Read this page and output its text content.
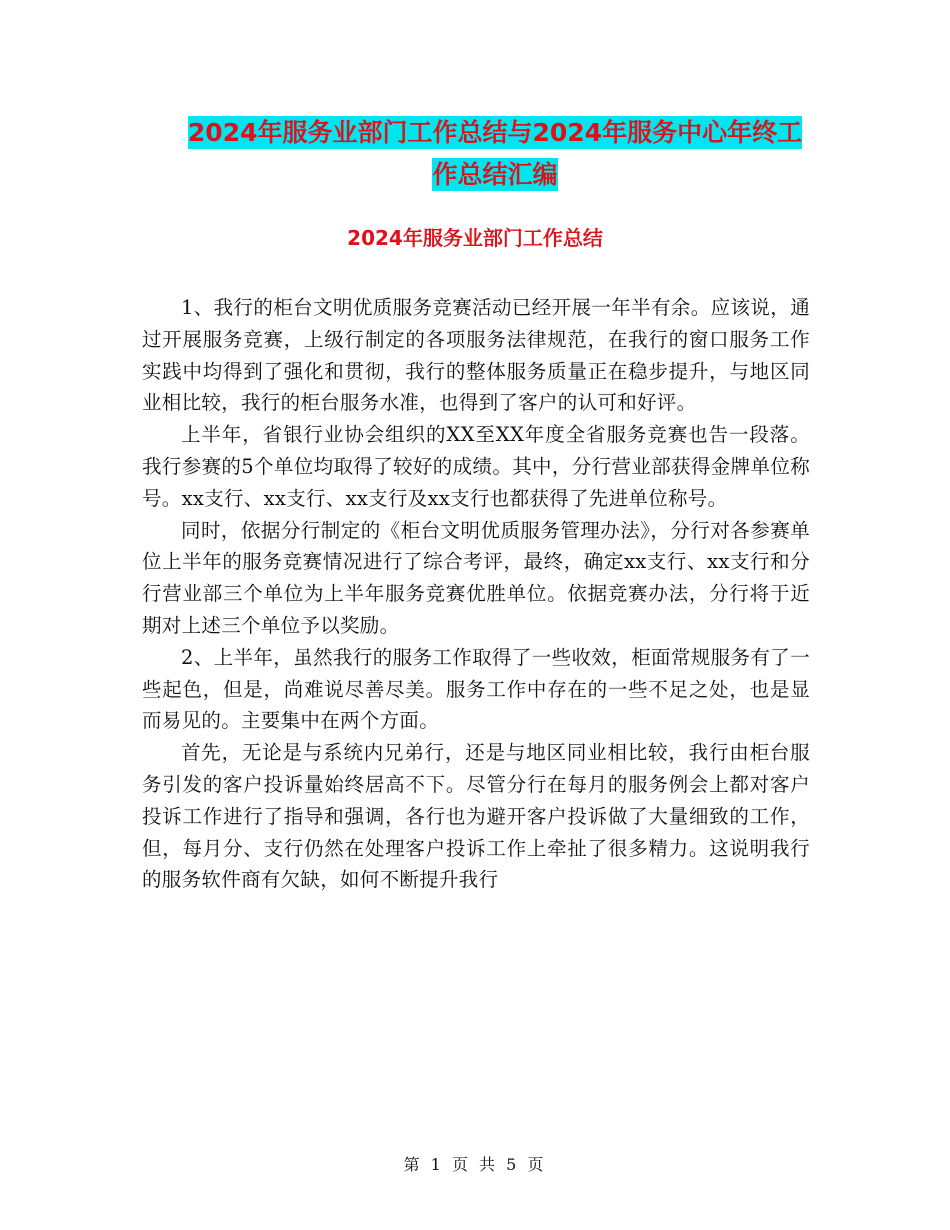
2024年服务业部门工作总结与2024年服务中心年终工
作总结汇编
2024年服务业部门工作总结

1、我行的柜台文明优质服务竞赛活动已经开展一年半有余。应该说，通过开展服务竞赛，上级行制定的各项服务法律规范，在我行的窗口服务工作实践中均得到了强化和贯彻，我行的整体服务质量正在稳步提升，与地区同业相比较，我行的柜台服务水准，也得到了客户的认可和好评。

上半年，省银行业协会组织的XX至XX年度全省服务竞赛也告一段落。我行参赛的5个单位均取得了较好的成绩。其中，分行营业部获得金牌单位称号。xx支行、xx支行、xx支行及xx支行也都获得了先进单位称号。

同时，依据分行制定的《柜台文明优质服务管理办法》，分行对各参赛单位上半年的服务竞赛情况进行了综合考评，最终，确定xx支行、xx支行和分行营业部三个单位为上半年服务竞赛优胜单位。依据竞赛办法，分行将于近期对上述三个单位予以奖励。

2、上半年，虽然我行的服务工作取得了一些收效，柜面常规服务有了一些起色，但是，尚难说尽善尽美。服务工作中存在的一些不足之处，也是显而易见的。主要集中在两个方面。

首先，无论是与系统内兄弟行，还是与地区同业相比较，我行由柜台服务引发的客户投诉量始终居高不下。尽管分行在每月的服务例会上都对客户投诉工作进行了指导和强调，各行也为避开客户投诉做了大量细致的工作，但，每月分、支行仍然在处理客户投诉工作上牵扯了很多精力。这说明我行的服务软件商有欠缺，如何不断提升我行

第 1 页 共 5 页
